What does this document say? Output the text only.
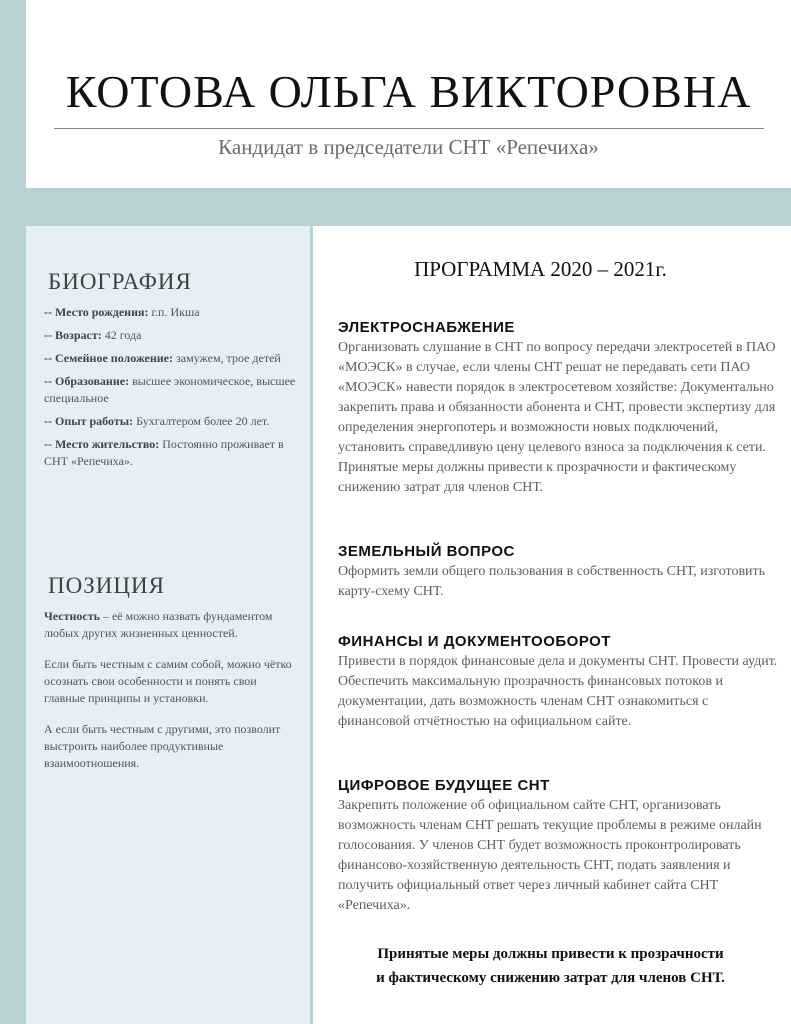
КОТОВА ОЛЬГА ВИКТОРОВНА
Кандидат в председатели СНТ «Репечиха»
БИОГРАФИЯ
-- Место рождения: г.п. Икша
-- Возраст: 42 года
-- Семейное положение: замужем, трое детей
-- Образование: высшее экономическое, высшее специальное
-- Опыт работы: Бухгалтером более 20 лет.
-- Место жительство: Постоянно проживает в СНТ «Репечиха».
ПОЗИЦИЯ

Честность – её можно назвать фундаментом любых других жизненных ценностей.

Если быть честным с самим собой, можно чётко осознать свои особенности и понять свои главные принципы и установки.

А если быть честным с другими, это позволит выстроить наиболее продуктивные взаимоотношения.

ПРОГРАММА 2020 – 2021г.
ЭЛЕКТРОСНАБЖЕНИЕ

Организовать слушание в СНТ по вопросу передачи электросетей в ПАО «МОЭСК» в случае, если члены СНТ решат не передавать сети ПАО «МОЭСК» навести порядок в электросетевом хозяйстве: Документально закрепить права и обязанности абонента и СНТ, провести экспертизу для определения энергопотерь и возможности новых подключений, установить справедливую цену целевого взноса за подключения к сети. Принятые меры должны привести к прозрачности и фактическому снижению затрат для членов СНТ.

ЗЕМЕЛЬНЫЙ ВОПРОС

Оформить земли общего пользования в собственность СНТ, изготовить карту-схему СНТ.

ФИНАНСЫ И ДОКУМЕНТООБОРОТ

Привести в порядок финансовые дела и документы СНТ. Провести аудит. Обеспечить максимальную прозрачность финансовых потоков и документации, дать возможность членам СНТ ознакомиться с финансовой отчётностью на официальном сайте.

ЦИФРОВОЕ БУДУЩЕЕ СНТ

Закрепить положение об официальном сайте СНТ, организовать возможность членам СНТ решать текущие проблемы в режиме онлайн голосования. У членов СНТ будет возможность проконтролировать финансово-хозяйственную деятельность СНТ, подать заявления и получить официальный ответ через личный кабинет сайта СНТ «Репечиха».

Принятые меры должны привести к прозрачности
и фактическому снижению затрат для членов СНТ.
